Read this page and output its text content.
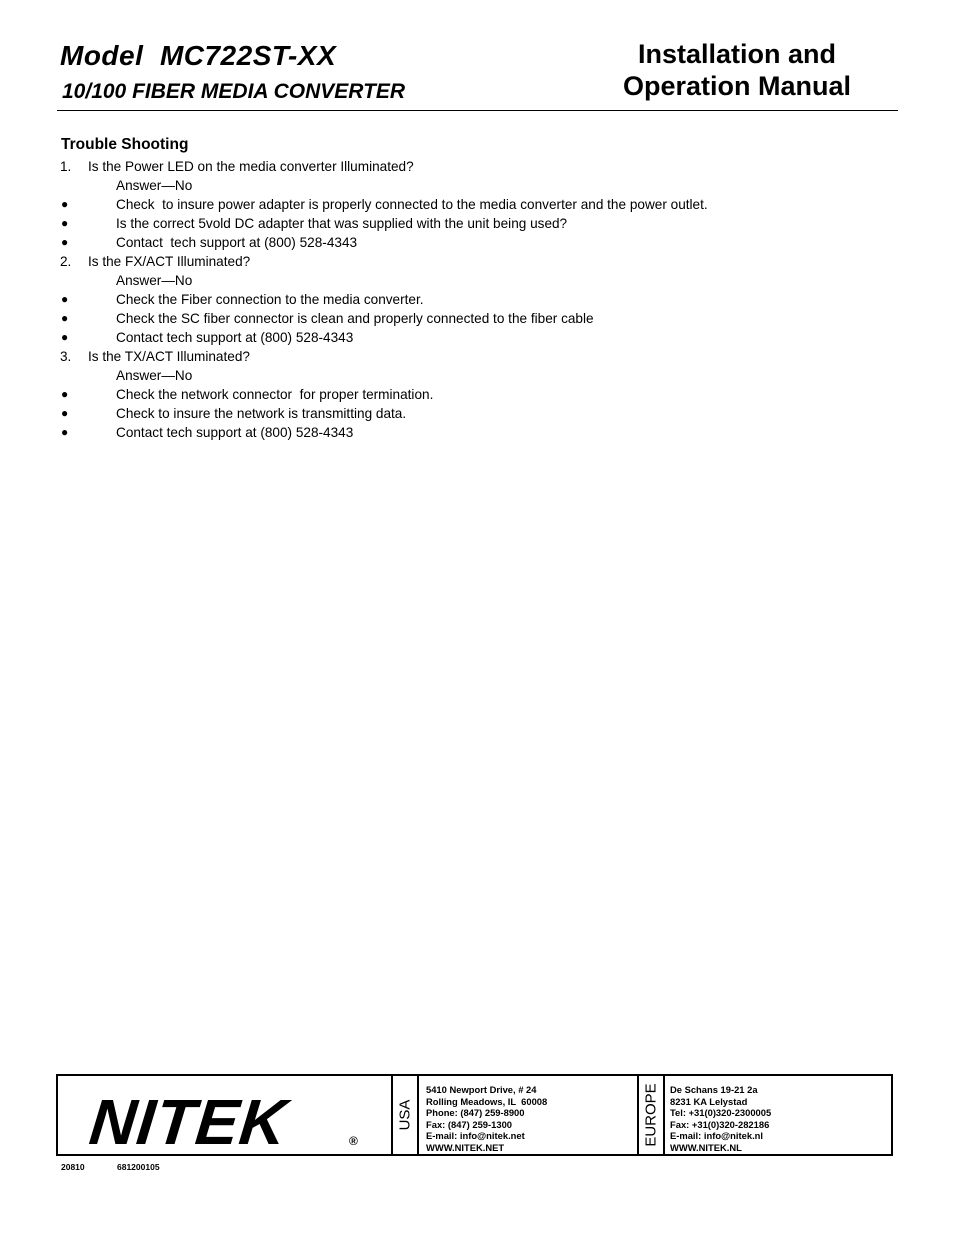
Model  MC722ST-XX
10/100 FIBER MEDIA CONVERTER
Installation and
Operation Manual
Trouble Shooting
1. Is the Power LED on the media converter Illuminated?
Answer—No
●	Check  to insure power adapter is properly connected to the media converter and the power outlet.
●	Is the correct 5vold DC adapter that was supplied with the unit being used?
●	Contact  tech support at (800) 528-4343
2. Is the FX/ACT Illuminated?
Answer—No
●	Check the Fiber connection to the media converter.
●	Check the SC fiber connector is clean and properly connected to the fiber cable
●	Contact tech support at (800) 528-4343
3. Is the TX/ACT Illuminated?
Answer—No
●	Check the network connector  for proper termination.
●	Check to insure the network is transmitting data.
●	Contact tech support at (800) 528-4343
NITEK	®
USA
5410 Newport Drive, # 24
Rolling Meadows, IL  60008
Phone: (847) 259-8900
Fax: (847) 259-1300
E-mail: info@nitek.net
WWW.NITEK.NET
EUROPE De Schans 19-21 2a
8231 KA Lelystad
Tel: +31(0)320-2300005
Fax: +31(0)320-282186
E-mail: info@nitek.nl
WWW.NITEK.NL
20810	681200105
